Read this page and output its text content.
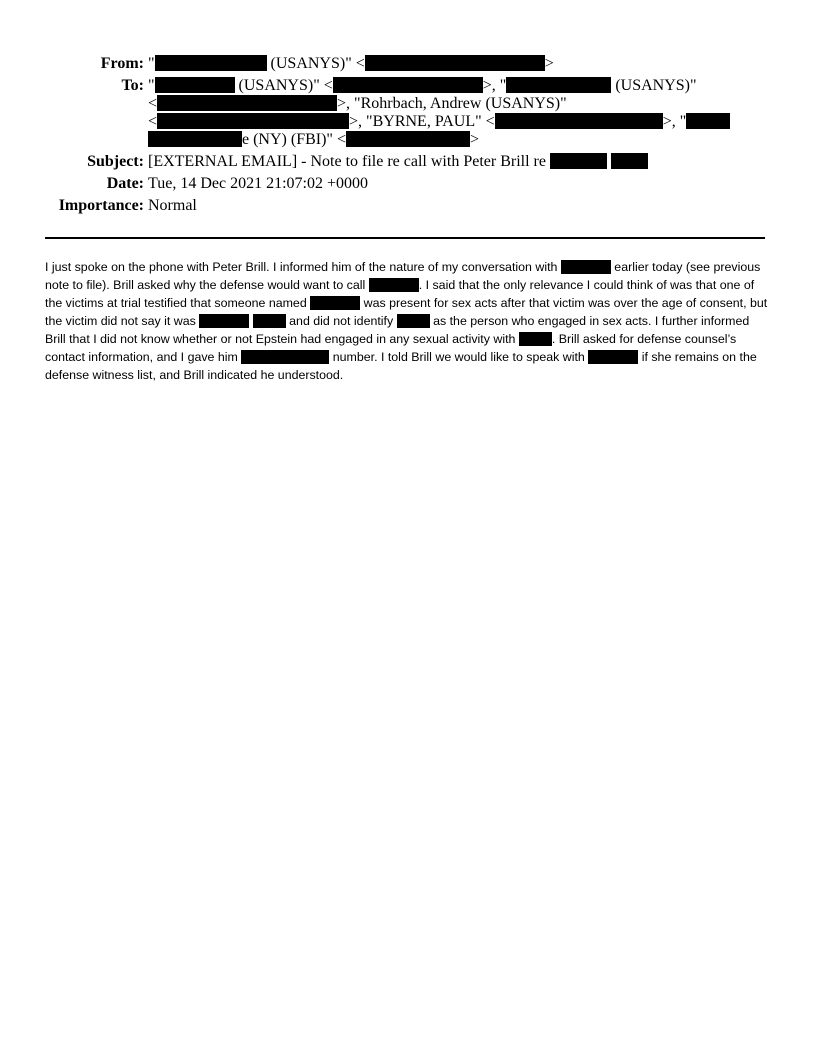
From: "	(USANYS)" <	>
To: "	(USANYS)" <	>, "	(USANYS)"
<	>, "Rohrbach, Andrew (USANYS)"
<	>, "BYRNE, PAUL" <	>, "
e (NY) (FBI)" <	>
Subject: [EXTERNAL EMAIL] - Note to file re call with Peter Brill re
Date: Tue, 14 Dec 2021 21:07:02 +0000
Importance: Normal
I just spoke on the phone with Peter Brill. I informed him of the nature of my conversation with	earlier today (see previous note to file). Brill asked why the defense would want to call	. I said that the only relevance I could think of was that one of the victims at trial testified that someone named	was present for sex acts after that victim was over the age of consent, but the victim did not say it was	and did not identify	as the person who engaged in sex acts. I further informed Brill that I did not know whether or not Epstein had engaged in any sexual activity with	. Brill asked for defense counsel’s contact information, and I gave him	number. I told Brill we would like to speak with	if she remains on the defense witness list, and Brill indicated he understood.
